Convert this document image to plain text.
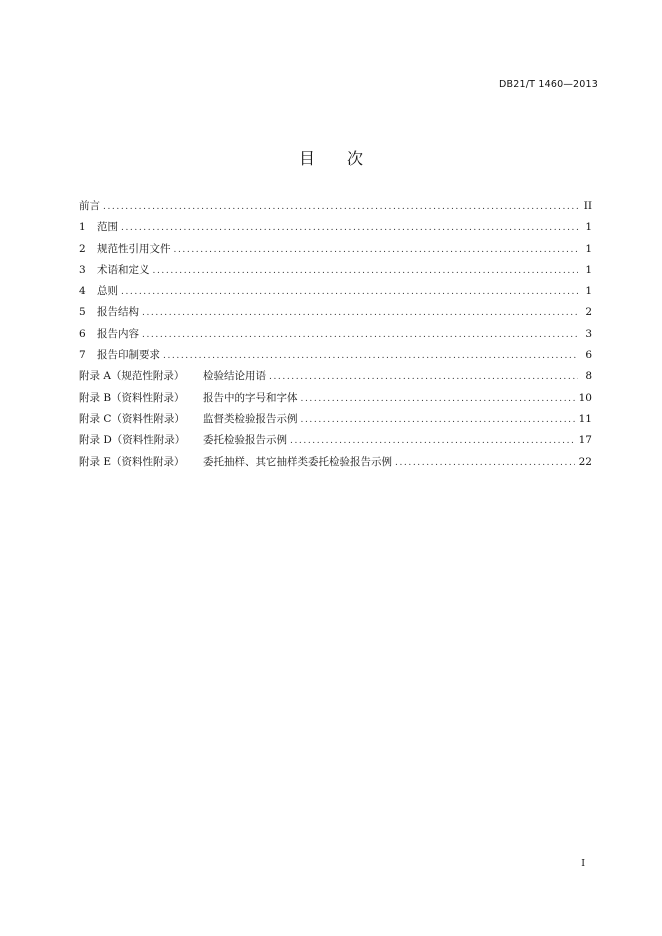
DB21/T 1460—2013
目 次
前言 .....	II
1	范围 .....	1
2	规范性引用文件 .....	1
3	术语和定义 .....	1
4	总则 .....	1
5	报告结构 .....	2
6	报告内容 .....	3
7	报告印制要求 .....	6
附录 A（规范性附录）	检验结论用语 .....	8
附录 B（资料性附录）	报告中的字号和字体 .....	10
附录 C（资料性附录）	监督类检验报告示例 .....	11
附录 D（资料性附录）	委托检验报告示例 .....	17
附录 E（资料性附录）	委托抽样、其它抽样类委托检验报告示例 .....	22
I
